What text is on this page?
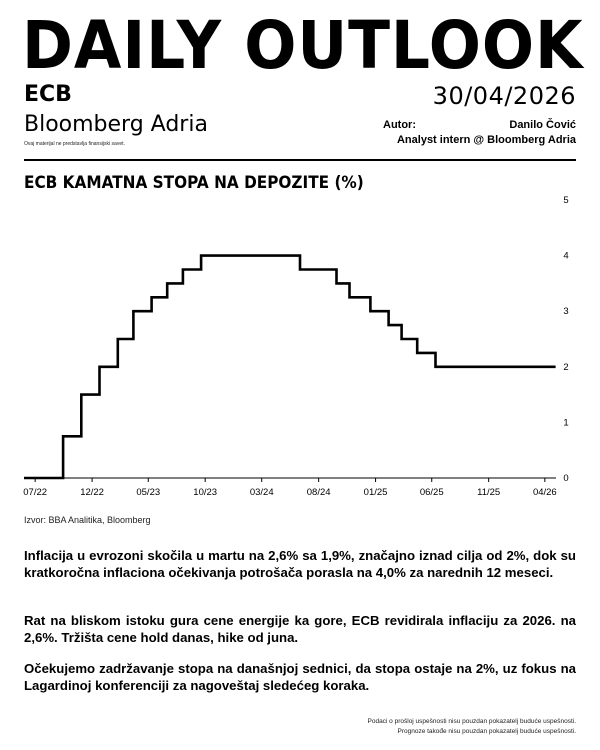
DAILY OUTLOOK
ECB	30/04/2026
Bloomberg Adria
Ovaj materijal ne predstavlja finansijski savet.
Autor:	Danilo Čović
Analyst intern @ Bloomberg Adria
ECB KAMATNA STOPA NA DEPOZITE (%)
0
1
2
3
4
5
07/22	12/22	05/23	10/23	03/24	08/24	01/25	06/25	11/25	04/26
Izvor: BBA Analitika, Bloomberg

Inflacija u evrozoni skočila u martu na 2,6% sa 1,9%, značajno iznad cilja od 2%, dok su kratkoročna inflaciona očekivanja potrošača porasla na 4,0% za narednih 12 meseci.

Rat na bliskom istoku gura cene energije ka gore, ECB revidirala inflaciju za 2026. na 2,6%. Tržišta cene hold danas, hike od juna.

Očekujemo zadržavanje stopa na današnjoj sednici, da stopa ostaje na 2%, uz fokus na Lagardinoj konferenciji za nagoveštaj sledećeg koraka.

Podaci o prošloj uspešnosti nisu pouzdan pokazatelj buduće uspešnosti.
Prognoze takođe nisu pouzdan pokazatelj buduće uspešnosti.
